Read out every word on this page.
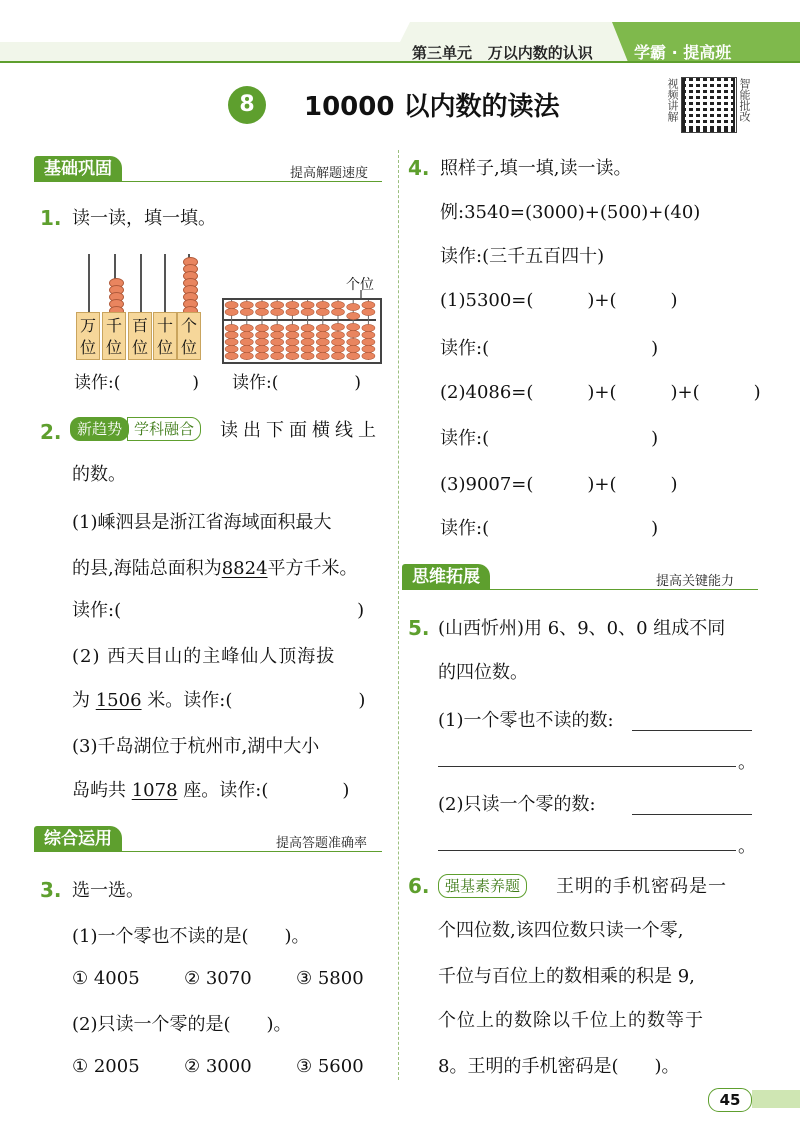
第三单元 万以内数的认识	学霸 · 提高班
8	10000 以内数的读法	视频讲解	智能批改
基础巩固	提高解题速度
1. 读一读，填一填。
万
位
千
位
百
位
十
位
个
位
个位
读作:(	) 读作:(	)
2.	新趋势 学科融合	读出下面横线上
的数。
(1)嵊泗县是浙江省海域面积最大
的县,海陆总面积为8824平方千米。
读作:(	)
(2) 西天目山的主峰仙人顶海拔
为 1506 米。读作:(	)
(3)千岛湖位于杭州市,湖中大小
岛屿共 1078 座。读作:(	)
综合运用	提高答题准确率
3. 选一选。
(1)一个零也不读的是(　　)。
① 4005 ② 3070 ③ 5800
(2)只读一个零的是(　　)。
① 2005 ② 3000 ③ 5600
4. 照样子,填一填,读一读。
例:3540=(3000)+(500)+(40)
读作:(三千五百四十)
(1)5300=(　　　)+(　　　)
读作:(　　　　　　　　　)
(2)4086=(　　　)+(　　　)+(　　　)
读作:(　　　　　　　　　)
(3)9007=(　　　)+(　　　)
读作:(　　　　　　　　　)
思维拓展	提高关键能力
5. (山西忻州)用 6、9、0、0 组成不同
的四位数。
(1)一个零也不读的数:
。
(2)只读一个零的数:
。
6.	强基素养题	王明的手机密码是一
个四位数,该四位数只读一个零,
千位与百位上的数相乘的积是 9,
个位上的数除以千位上的数等于
8。王明的手机密码是(　　)。
45
